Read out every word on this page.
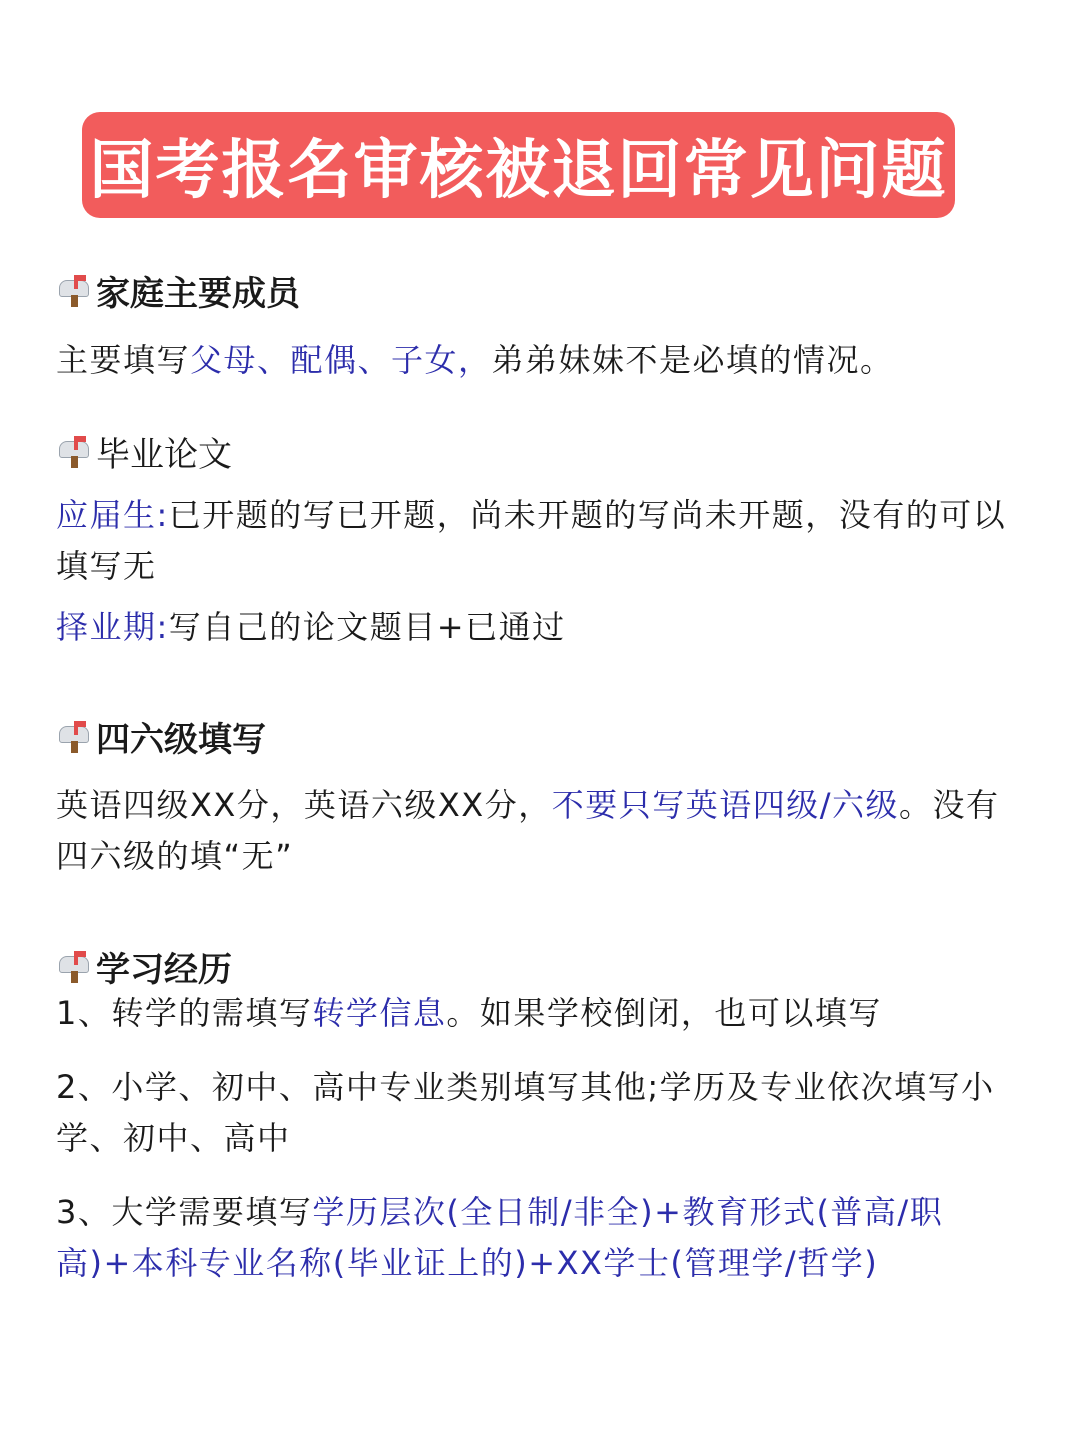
国考报名审核被退回常见问题
家庭主要成员
主要填写父母、配偶、子女，弟弟妹妹不是必填的情况。
毕业论文
应届生:已开题的写已开题，尚未开题的写尚未开题，没有的可以填写无
择业期:写自己的论文题目+已通过
四六级填写
英语四级XX分，英语六级XX分，不要只写英语四级/六级。没有四六级的填“无”
学习经历
1、转学的需填写转学信息。如果学校倒闭，也可以填写
2、小学、初中、高中专业类别填写其他;学历及专业依次填写小学、初中、高中
3、大学需要填写学历层次(全日制/非全)+教育形式(普高/职高)+本科专业名称(毕业证上的)+XX学士(管理学/哲学)
